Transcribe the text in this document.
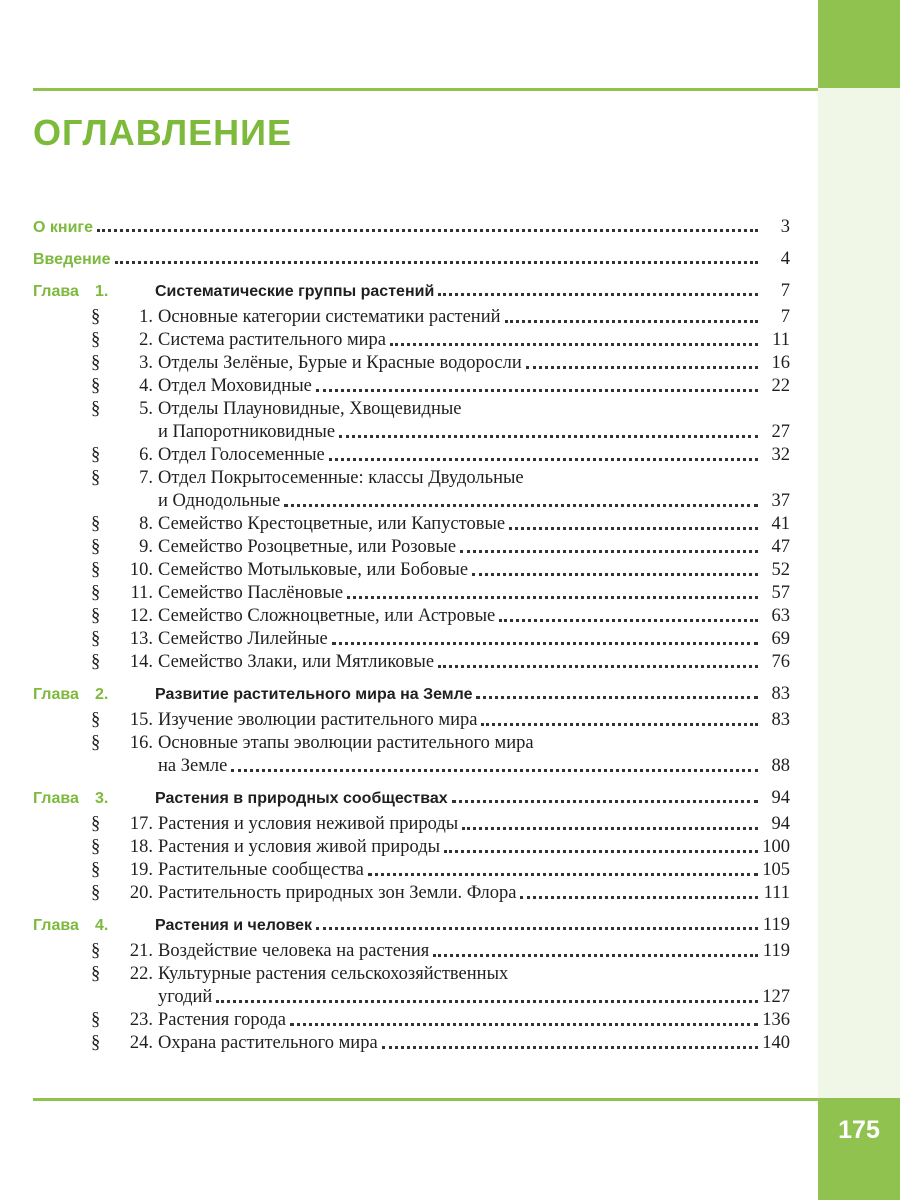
175
ОГЛАВЛЕНИЕ
О книге	3
Введение	4
Глава	1.	Систематические группы растений	7
§	1. Основные категории систематики растений	7
§	2. Система растительного мира	11
§	3. Отделы Зелёные, Бурые и Красные водоросли	16
§	4. Отдел Моховидные	22
§	5. Отделы Плауновидные, Хвощевидные
и Папоротниковидные	27
§	6. Отдел Голосеменные	32
§	7. Отдел Покрытосеменные: классы Двудольные
и Однодольные	37
§	8. Семейство Крестоцветные, или Капустовые	41
§	9. Семейство Розоцветные, или Розовые	47
§	10. Семейство Мотыльковые, или Бобовые	52
§	11. Семейство Паслёновые	57
§	12. Семейство Сложноцветные, или Астровые	63
§	13. Семейство Лилейные	69
§	14. Семейство Злаки, или Мятликовые	76
Глава	2.	Развитие растительного мира на Земле	83
§	15. Изучение эволюции растительного мира	83
§	16. Основные этапы эволюции растительного мира
на Земле	88
Глава	3.	Растения в природных сообществах	94
§	17. Растения и условия неживой природы	94
§	18. Растения и условия живой природы	100
§	19. Растительные сообщества	105
§	20. Растительность природных зон Земли. Флора	111
Глава	4.	Растения и человек	119
§	21. Воздействие человека на растения	119
§	22. Культурные растения сельскохозяйственных
угодий	127
§	23. Растения города	136
§	24. Охрана растительного мира	140
